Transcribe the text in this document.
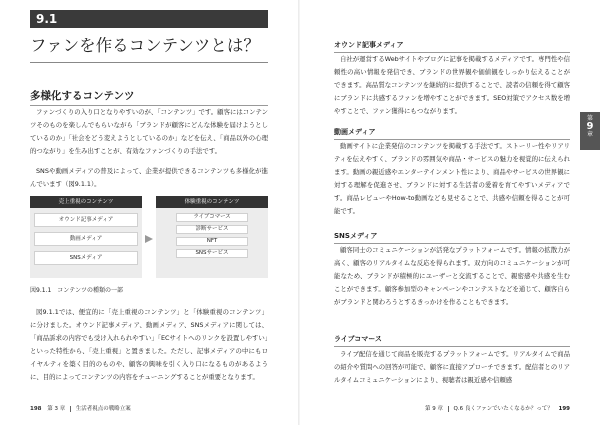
9.1
ファンを作るコンテンツとは？
多様化するコンテンツ
ファンづくりの入り口となりやすいのが、「コンテンツ」です。顧客にはコンテンツそのものを楽しんでもらいながら「ブランドが顧客にどんな体験を届けようとしているのか」「社会をどう変えようとしているのか」などを伝え、「商品以外の心理的つながり」を生み出すことが、有効なファンづくりの手法です。
SNSや動画メディアの普及によって、企業が提供できるコンテンツも多様化が進んでいます（図9.1.1）。
売上重視のコンテンツ
オウンド記事メディア
動画メディア
SNSメディア
体験重視のコンテンツ
ライブコマース
診断サービス
NFT
SNSサービス
図9.1.1　コンテンツの種類の一部
図9.1.1では、便宜的に「売上重視のコンテンツ」と「体験重視のコンテンツ」に分けました。オウンド記事メディア、動画メディア、SNSメディアに関しては、「商品訴求の内容でも受け入れられやすい」「ECサイトへのリンクを設置しやすい」といった特性から、「売上重視」と置きました。ただし、記事メディアの中にもロイヤルティを築く目的のものや、顧客の興味を引く入り口になるものがあるように、目的によってコンテンツの内容をチューニングすることが重要となります。
198 第 3 章 生活者視点の戦略立案
オウンド記事メディア
自社が運営するWebサイトやブログに記事を掲載するメディアです。専門性や信頼性の高い情報を発信でき、ブランドの世界観や価値観をしっかり伝えることができます。高品質なコンテンツを継続的に提供することで、読者の信頼を得て顧客にブランドに共感するファンを増やすことができます。SEO対策でアクセス数を増やすことで、ファン獲得にもつながります。
動画メディア
動画サイトに企業発信のコンテンツを掲載する手法です。ストーリー性やリアリティを伝えやすく、ブランドの雰囲気や商品・サービスの魅力を視覚的に伝えられます。動画の親近感やエンターテインメント性により、商品やサービスの世界観に対する理解を促進させ、ブランドに対する生活者の愛着を育てやすいメディアです。商品レビューやHow-to動画なども見せることで、共感や信頼を得ることが可能です。
SNSメディア
顧客同士のコミュニケーションが活発なプラットフォームです。情報の拡散力が高く、顧客のリアルタイムな反応を得られます。双方向のコミュニケーションが可能なため、ブランドが積極的にユーザーと交流することで、親密感や共感を生むことができます。顧客参加型のキャンペーンやコンテストなどを通じて、顧客自らがブランドと関わろうとするきっかけを作ることもできます。
ライブコマース
ライブ配信を通じて商品を販売するプラットフォームです。リアルタイムで商品の紹介や質問への回答が可能で、顧客に直接アプローチできます。配信者とのリアルタイムコミュニケーションにより、視聴者は親近感や信頼感
第
9
章
第 9 章 Q.6 良くファンでいたくなるか？って？ 199
